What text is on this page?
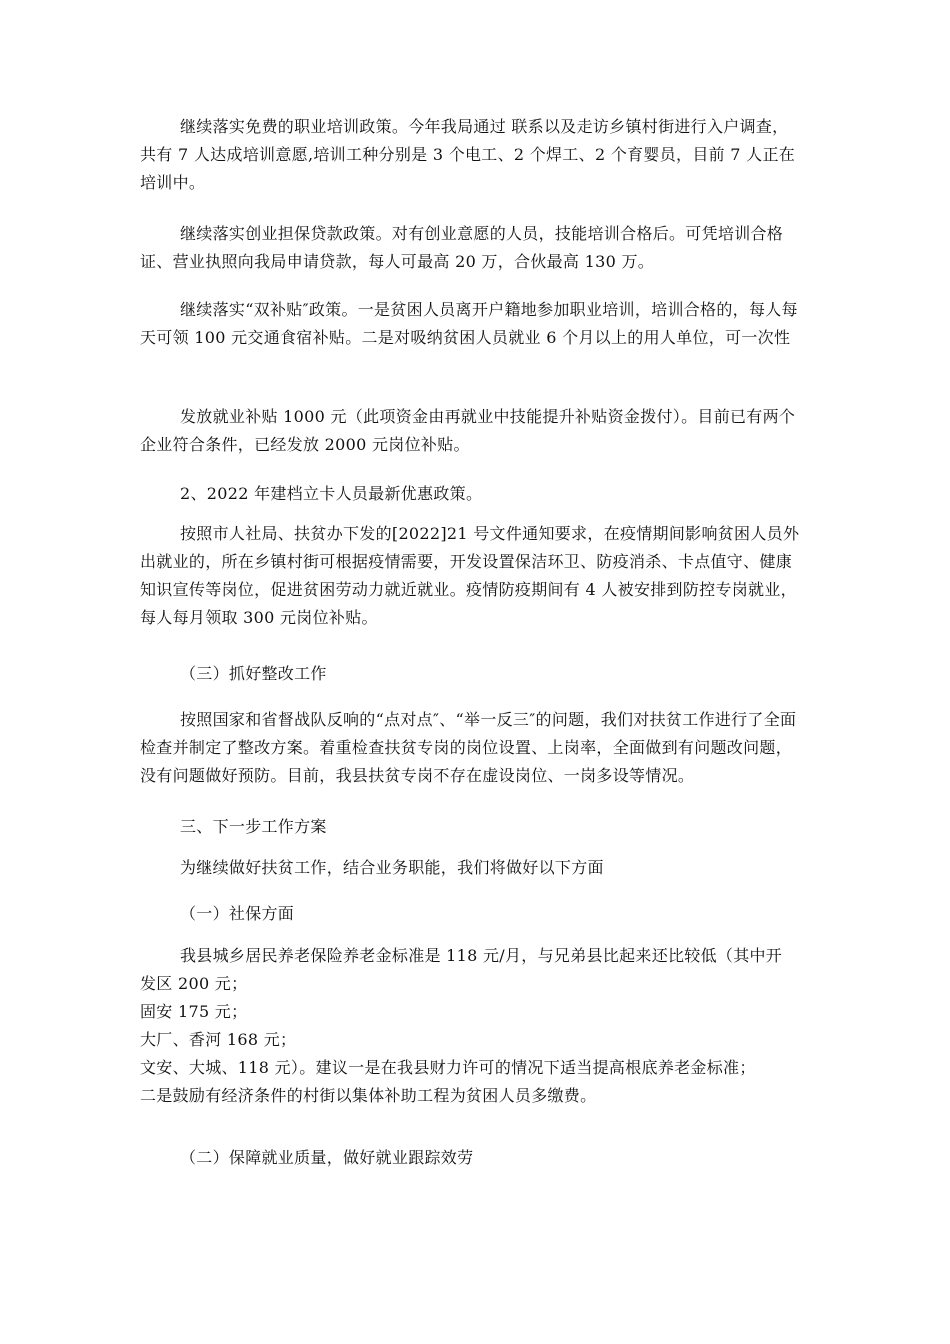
继续落实免费的职业培训政策。今年我局通过 联系以及走访乡镇村街进行入户调查，共有 7 人达成培训意愿,培训工种分别是 3 个电工、2 个焊工、2 个育婴员，目前 7 人正在培训中。

继续落实创业担保贷款政策。对有创业意愿的人员，技能培训合格后。可凭培训合格证、营业执照向我局申请贷款，每人可最高 20 万，合伙最高 130 万。

继续落实“双补贴″政策。一是贫困人员离开户籍地参加职业培训，培训合格的，每人每天可领 100 元交通食宿补贴。二是对吸纳贫困人员就业 6 个月以上的用人单位，可一次性

发放就业补贴 1000 元（此项资金由再就业中技能提升补贴资金拨付）。目前已有两个企业符合条件，已经发放 2000 元岗位补贴。

2、2022 年建档立卡人员最新优惠政策。

按照市人社局、扶贫办下发的[2022]21 号文件通知要求，在疫情期间影响贫困人员外出就业的，所在乡镇村街可根据疫情需要，开发设置保洁环卫、防疫消杀、卡点值守、健康知识宣传等岗位，促进贫困劳动力就近就业。疫情防疫期间有 4 人被安排到防控专岗就业，每人每月领取 300 元岗位补贴。

（三）抓好整改工作

按照国家和省督战队反响的“点对点″、“举一反三″的问题，我们对扶贫工作进行了全面检查并制定了整改方案。着重检查扶贫专岗的岗位设置、上岗率，全面做到有问题改问题，没有问题做好预防。目前，我县扶贫专岗不存在虚设岗位、一岗多设等情况。

三、下一步工作方案

为继续做好扶贫工作，结合业务职能，我们将做好以下方面

（一）社保方面

我县城乡居民养老保险养老金标准是 118 元/月，与兄弟县比起来还比较低（其中开
发区 200 元；
固安 175 元；
大厂、香河 168 元；
文安、大城、118 元）。建议一是在我县财力许可的情况下适当提高根底养老金标准；
二是鼓励有经济条件的村街以集体补助工程为贫困人员多缴费。

（二）保障就业质量，做好就业跟踪效劳
